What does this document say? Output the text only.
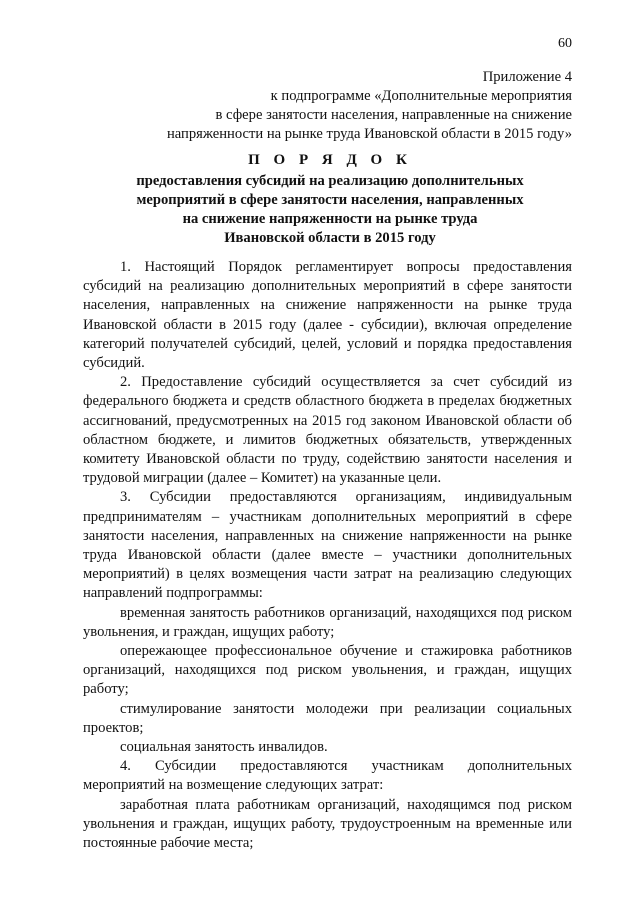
60
Приложение 4
к подпрограмме «Дополнительные мероприятия
в сфере занятости населения, направленные на снижение
напряженности на рынке труда Ивановской области в 2015 году»
П О Р Я Д О К
предоставления субсидий на реализацию дополнительных
мероприятий в сфере занятости населения, направленных
на снижение напряженности на рынке труда
Ивановской области в 2015 году

1. Настоящий Порядок регламентирует вопросы предоставления субсидий на реализацию дополнительных мероприятий в сфере занятости населения, направленных на снижение напряженности на рынке труда Ивановской области в 2015 году (далее - субсидии), включая определение категорий получателей субсидий, целей, условий и порядка предоставления субсидий.

2. Предоставление субсидий осуществляется за счет субсидий из федерального бюджета и средств областного бюджета в пределах бюджетных ассигнований, предусмотренных на 2015 год законом Ивановской области об областном бюджете, и лимитов бюджетных обязательств, утвержденных комитету Ивановской области по труду, содействию занятости населения и трудовой миграции (далее – Комитет) на указанные цели.

3. Субсидии предоставляются организациям, индивидуальным предпринимателям – участникам дополнительных мероприятий в сфере занятости населения, направленных на снижение напряженности на рынке труда Ивановской области (далее вместе – участники дополнительных мероприятий) в целях возмещения части затрат на реализацию следующих направлений подпрограммы:

временная занятость работников организаций, находящихся под риском увольнения, и граждан, ищущих работу;

опережающее профессиональное обучение и стажировка работников организаций, находящихся под риском увольнения, и граждан, ищущих работу;

стимулирование занятости молодежи при реализации социальных проектов;

социальная занятость инвалидов.

4. Субсидии предоставляются участникам дополнительных мероприятий на возмещение следующих затрат:

заработная плата работникам организаций, находящимся под риском увольнения и граждан, ищущих работу, трудоустроенным на временные или постоянные рабочие места;
